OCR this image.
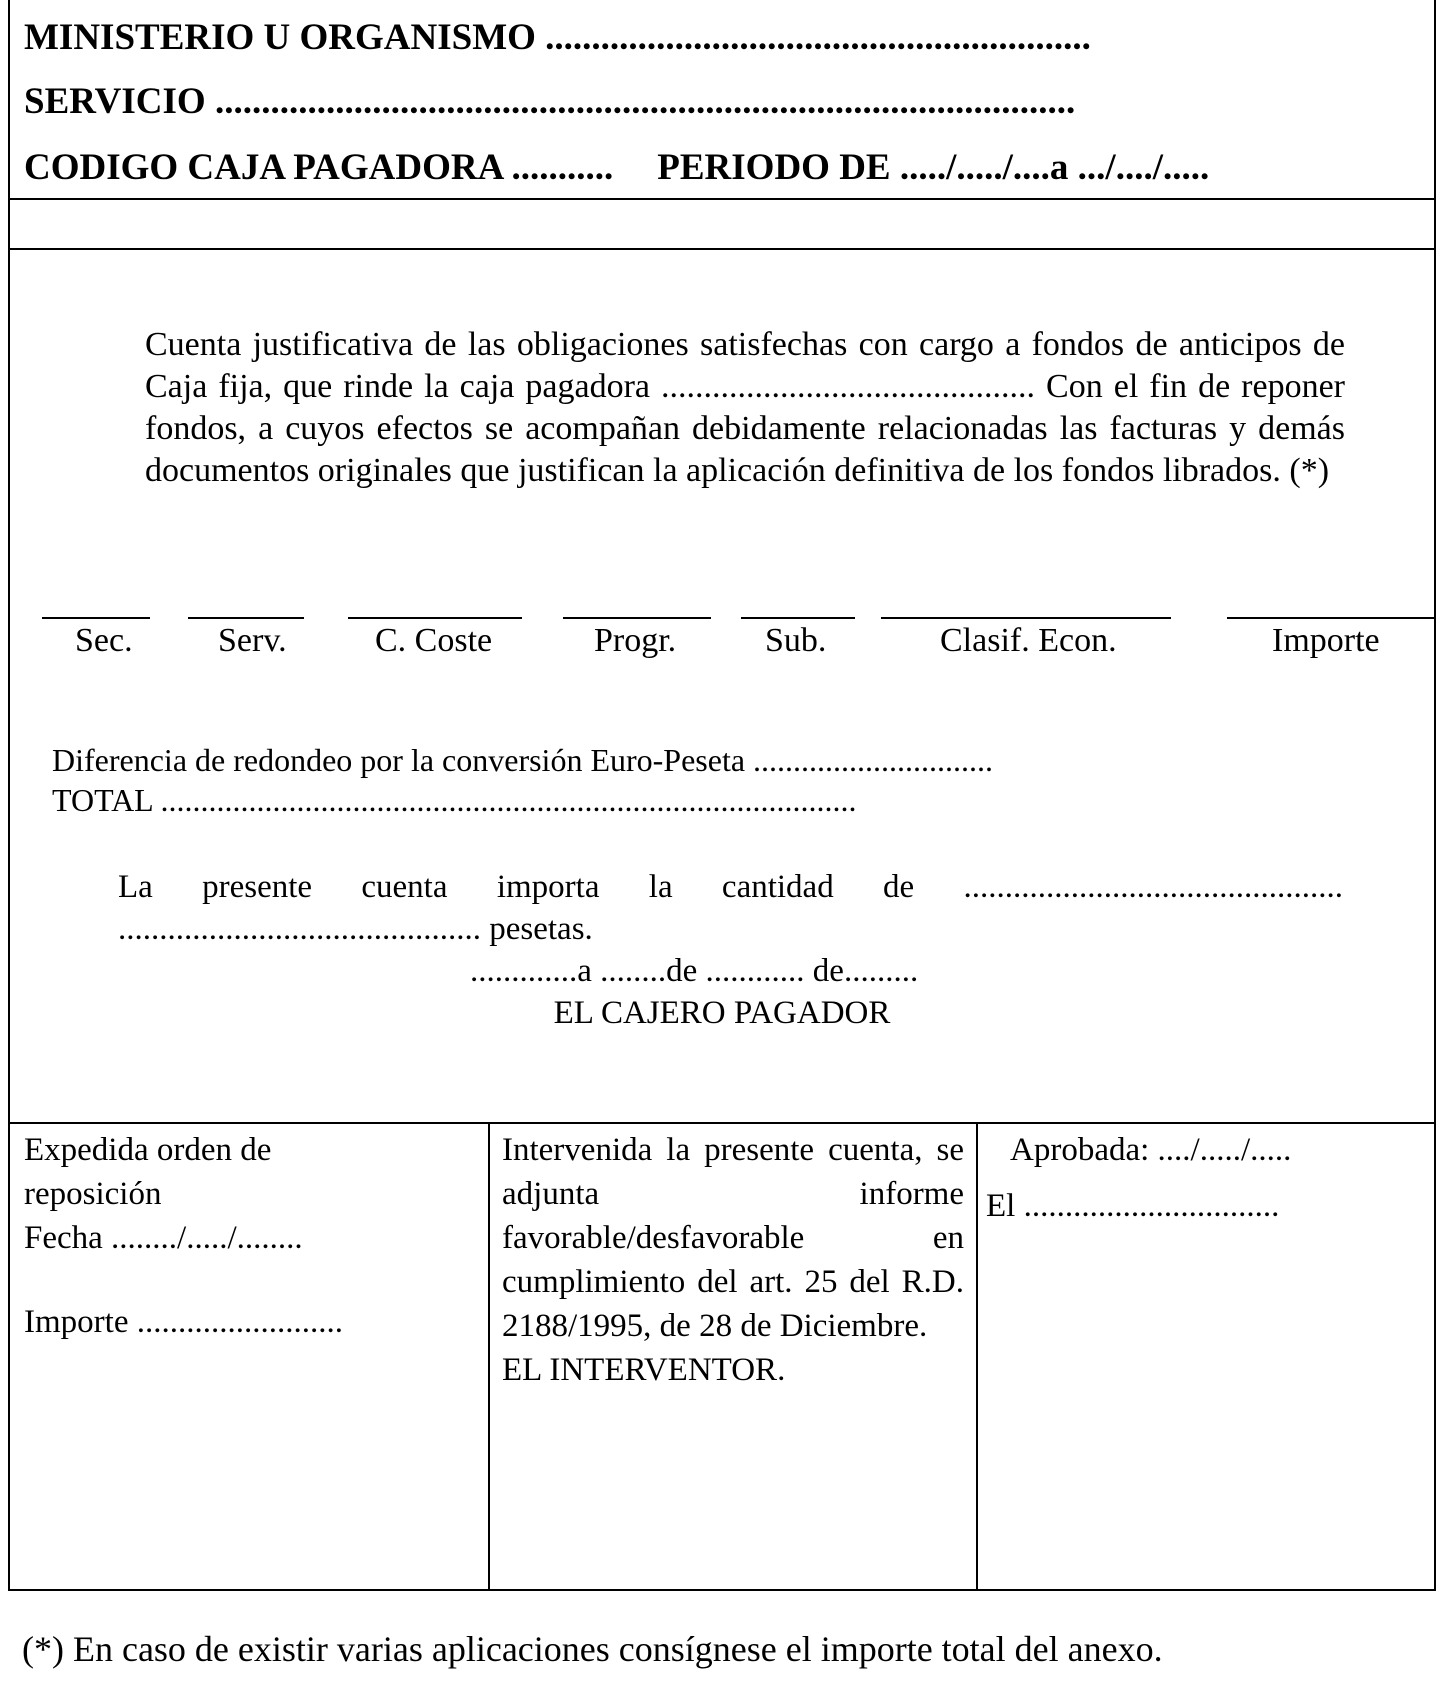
MINISTERIO U ORGANISMO ...........................................................
SERVICIO .............................................................................................
CODIGO CAJA PAGADORA ........... PERIODO DE ...../...../....a .../..../.....
Cuenta justificativa de las obligaciones satisfechas con cargo a fondos de anticipos de Caja fija, que rinde la caja pagadora ............................................ Con el fin de reponer fondos, a cuyos efectos se acompañan debidamente relacionadas las facturas y demás documentos originales que justifican la aplicación definitiva de los fondos librados. (*)
Sec.	Serv.	C. Coste	Progr.	Sub.	Clasif. Econ.	Importe
Diferencia de redondeo por la conversión Euro-Peseta ..............................
TOTAL .......................................................................................
La presente cuenta importa la cantidad de ..............................................
............................................ pesetas.
.............a ........de ............ de.........
EL CAJERO PAGADOR
Expedida orden de
reposición
Fecha ......../...../........
Importe .........................
Intervenida la presente cuenta, se adjunta informe favorable/desfavorable en cumplimiento del art. 25 del R.D. 2188/1995, de 28 de Diciembre.
EL INTERVENTOR.
Aprobada: ..../...../.....
El ...............................
(*) En caso de existir varias aplicaciones consígnese el importe total del anexo.
